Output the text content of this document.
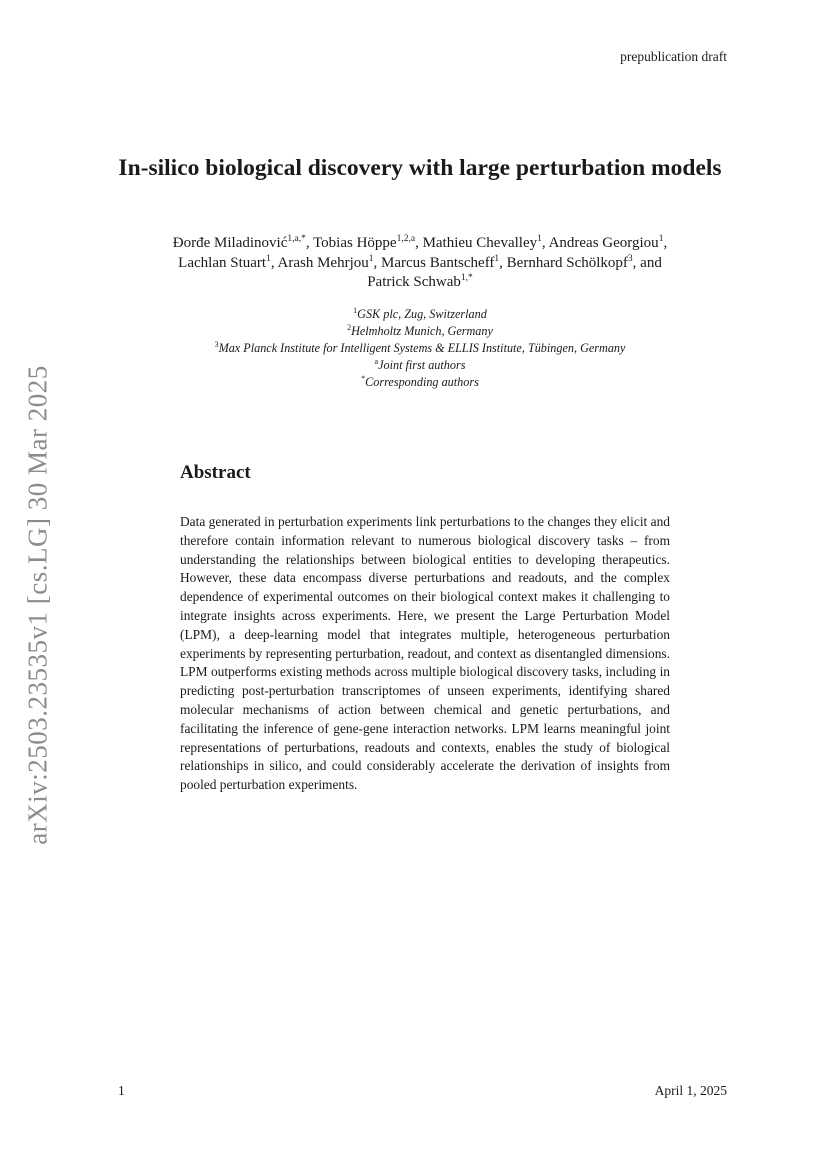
prepublication draft
arXiv:2503.23535v1 [cs.LG] 30 Mar 2025
In-silico biological discovery with large perturbation models
Đorđe Miladinović$^{1,a,*}$, Tobias Höppe$^{1,2,a}$, Mathieu Chevalley$^1$, Andreas Georgiou$^1$,
Lachlan Stuart$^1$, Arash Mehrjou$^1$, Marcus Bantscheff$^1$, Bernhard Schölkopf$^3$, and
Patrick Schwab$^{1,*}$
$^1$GSK plc, Zug, Switzerland
$^2$Helmholtz Munich, Germany
$^3$Max Planck Institute for Intelligent Systems & ELLIS Institute, Tübingen, Germany
$^a$Joint first authors
*Corresponding authors
Abstract

Data generated in perturbation experiments link perturbations to the changes they elicit and therefore contain information relevant to numerous biological discovery tasks – from understanding the relationships between biological entities to developing therapeutics. However, these data encompass diverse perturbations and readouts, and the complex dependence of experimental outcomes on their biological context makes it challenging to integrate insights across experiments. Here, we present the Large Perturbation Model (LPM), a deep-learning model that integrates multiple, heterogeneous perturbation experiments by representing perturbation, readout, and context as disentangled dimensions. LPM outperforms existing methods across multiple biological discovery tasks, including in predicting post-perturbation transcriptomes of unseen experiments, identifying shared molecular mechanisms of action between chemical and genetic perturbations, and facilitating the inference of gene-gene interaction networks. LPM learns meaningful joint representations of perturbations, readouts and contexts, enables the study of biological relationships in silico, and could considerably accelerate the derivation of insights from pooled perturbation experiments.

1	April 1, 2025
